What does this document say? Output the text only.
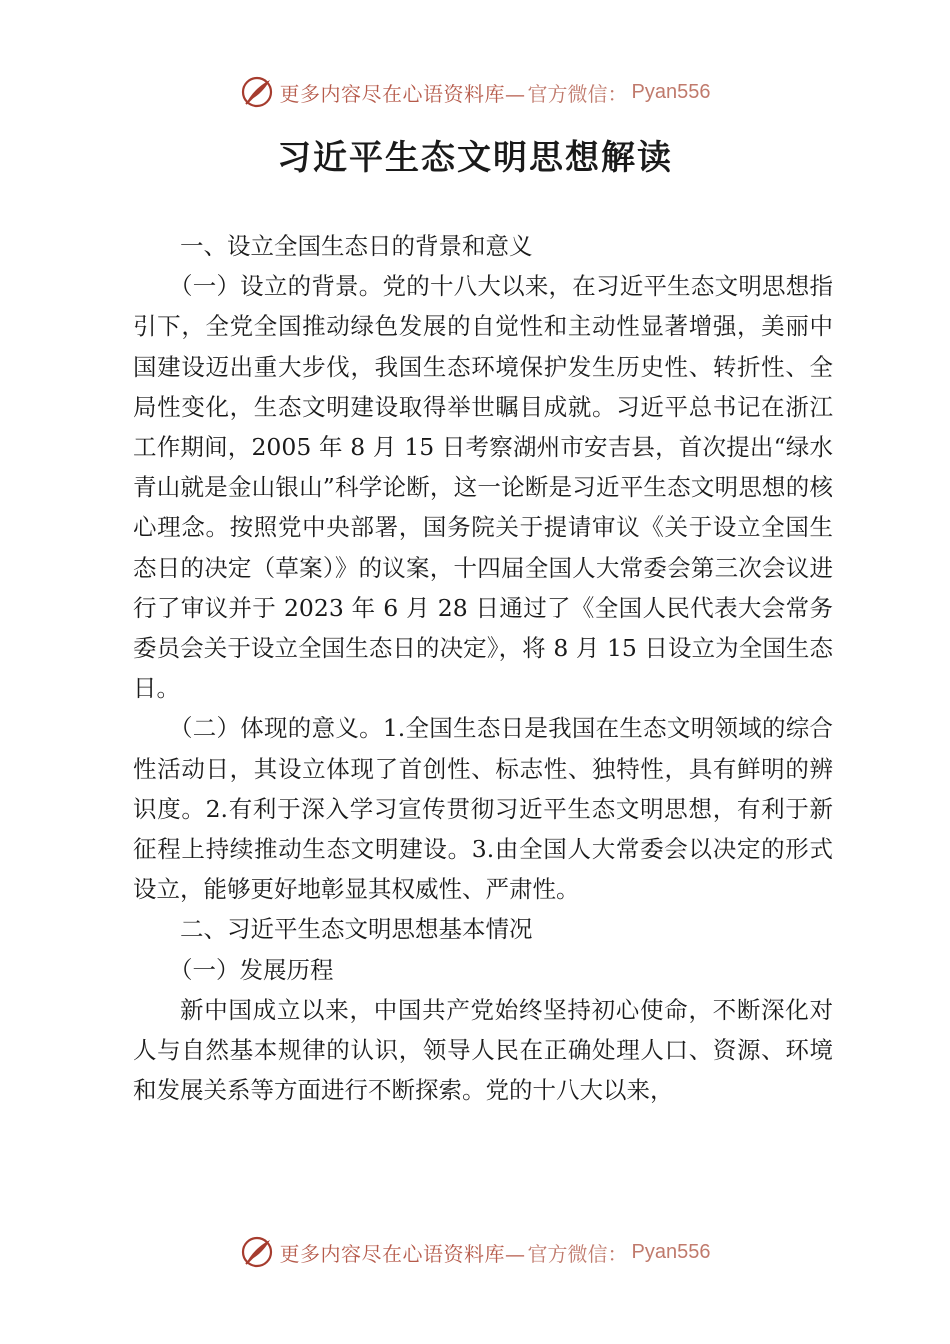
更多内容尽在心语资料库— 官方微信： Pyan556
习近平生态文明思想解读

一、设立全国生态日的背景和意义

（一）设立的背景。党的十八大以来，在习近平生态文明思想指引下，全党全国推动绿色发展的自觉性和主动性显著增强，美丽中国建设迈出重大步伐，我国生态环境保护发生历史性、转折性、全局性变化，生态文明建设取得举世瞩目成就。习近平总书记在浙江工作期间，2005 年 8 月 15 日考察湖州市安吉县，首次提出“绿水青山就是金山银山”科学论断，这一论断是习近平生态文明思想的核心理念。按照党中央部署，国务院关于提请审议《关于设立全国生态日的决定（草案）》的议案，十四届全国人大常委会第三次会议进行了审议并于 2023 年 6 月 28 日通过了《全国人民代表大会常务委员会关于设立全国生态日的决定》，将 8 月 15 日设立为全国生态日。

（二）体现的意义。1.全国生态日是我国在生态文明领域的综合性活动日，其设立体现了首创性、标志性、独特性，具有鲜明的辨识度。2.有利于深入学习宣传贯彻习近平生态文明思想，有利于新征程上持续推动生态文明建设。3.由全国人大常委会以决定的形式设立，能够更好地彰显其权威性、严肃性。

二、习近平生态文明思想基本情况

（一）发展历程

新中国成立以来，中国共产党始终坚持初心使命，不断深化对人与自然基本规律的认识，领导人民在正确处理人口、资源、环境和发展关系等方面进行不断探索。党的十八大以来，

更多内容尽在心语资料库— 官方微信： Pyan556
